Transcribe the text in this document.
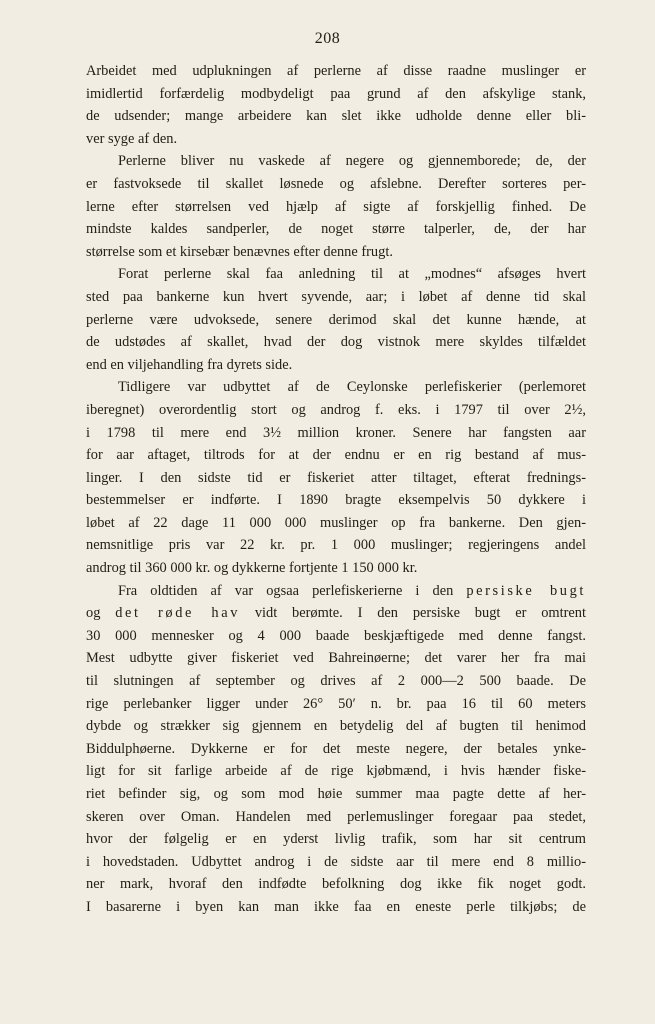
208
Arbeidet med udplukningen af perlerne af disse raadne muslinger er
imidlertid forfærdelig modbydeligt paa grund af den afskylige stank,
de udsender; mange arbeidere kan slet ikke udholde denne eller bli-
ver syge af den.
Perlerne bliver nu vaskede af negere og gjennemborede; de, der
er fastvoksede til skallet løsnede og afslebne. Derefter sorteres per-
lerne efter størrelsen ved hjælp af sigte af forskjellig finhed. De
mindste kaldes sandperler, de noget større talperler, de, der har
størrelse som et kirsebær benævnes efter denne frugt.
Forat perlerne skal faa anledning til at „modnes“ afsøges hvert
sted paa bankerne kun hvert syvende, aar; i løbet af denne tid skal
perlerne være udvoksede, senere derimod skal det kunne hænde, at
de udstødes af skallet, hvad der dog vistnok mere skyldes tilfældet
end en viljehandling fra dyrets side.
Tidligere var udbyttet af de Ceylonske perlefiskerier (perlemoret
iberegnet) overordentlig stort og androg f. eks. i 1797 til over 2½,
i 1798 til mere end 3½ million kroner. Senere har fangsten aar
for aar aftaget, tiltrods for at der endnu er en rig bestand af mus-
linger. I den sidste tid er fiskeriet atter tiltaget, efterat frednings-
bestemmelser er indførte. I 1890 bragte eksempelvis 50 dykkere i
løbet af 22 dage 11 000 000 muslinger op fra bankerne. Den gjen-
nemsnitlige pris var 22 kr. pr. 1 000 muslinger; regjeringens andel
androg til 360 000 kr. og dykkerne fortjente 1 150 000 kr.
Fra oldtiden af var ogsaa perlefiskerierne i den persiske bugt
og det røde hav vidt berømte. I den persiske bugt er omtrent
30 000 mennesker og 4 000 baade beskjæftigede med denne fangst.
Mest udbytte giver fiskeriet ved Bahreinøerne; det varer her fra mai
til slutningen af september og drives af 2 000—2 500 baade. De
rige perlebanker ligger under 26° 50′ n. br. paa 16 til 60 meters
dybde og strækker sig gjennem en betydelig del af bugten til henimod
Biddulphøerne. Dykkerne er for det meste negere, der betales ynke-
ligt for sit farlige arbeide af de rige kjøbmænd, i hvis hænder fiske-
riet befinder sig, og som mod høie summer maa pagte dette af her-
skeren over Oman. Handelen med perlemuslinger foregaar paa stedet,
hvor der følgelig er en yderst livlig trafik, som har sit centrum
i hovedstaden. Udbyttet androg i de sidste aar til mere end 8 millio-
ner mark, hvoraf den indfødte befolkning dog ikke fik noget godt.
I basarerne i byen kan man ikke faa en eneste perle tilkjøbs; de
